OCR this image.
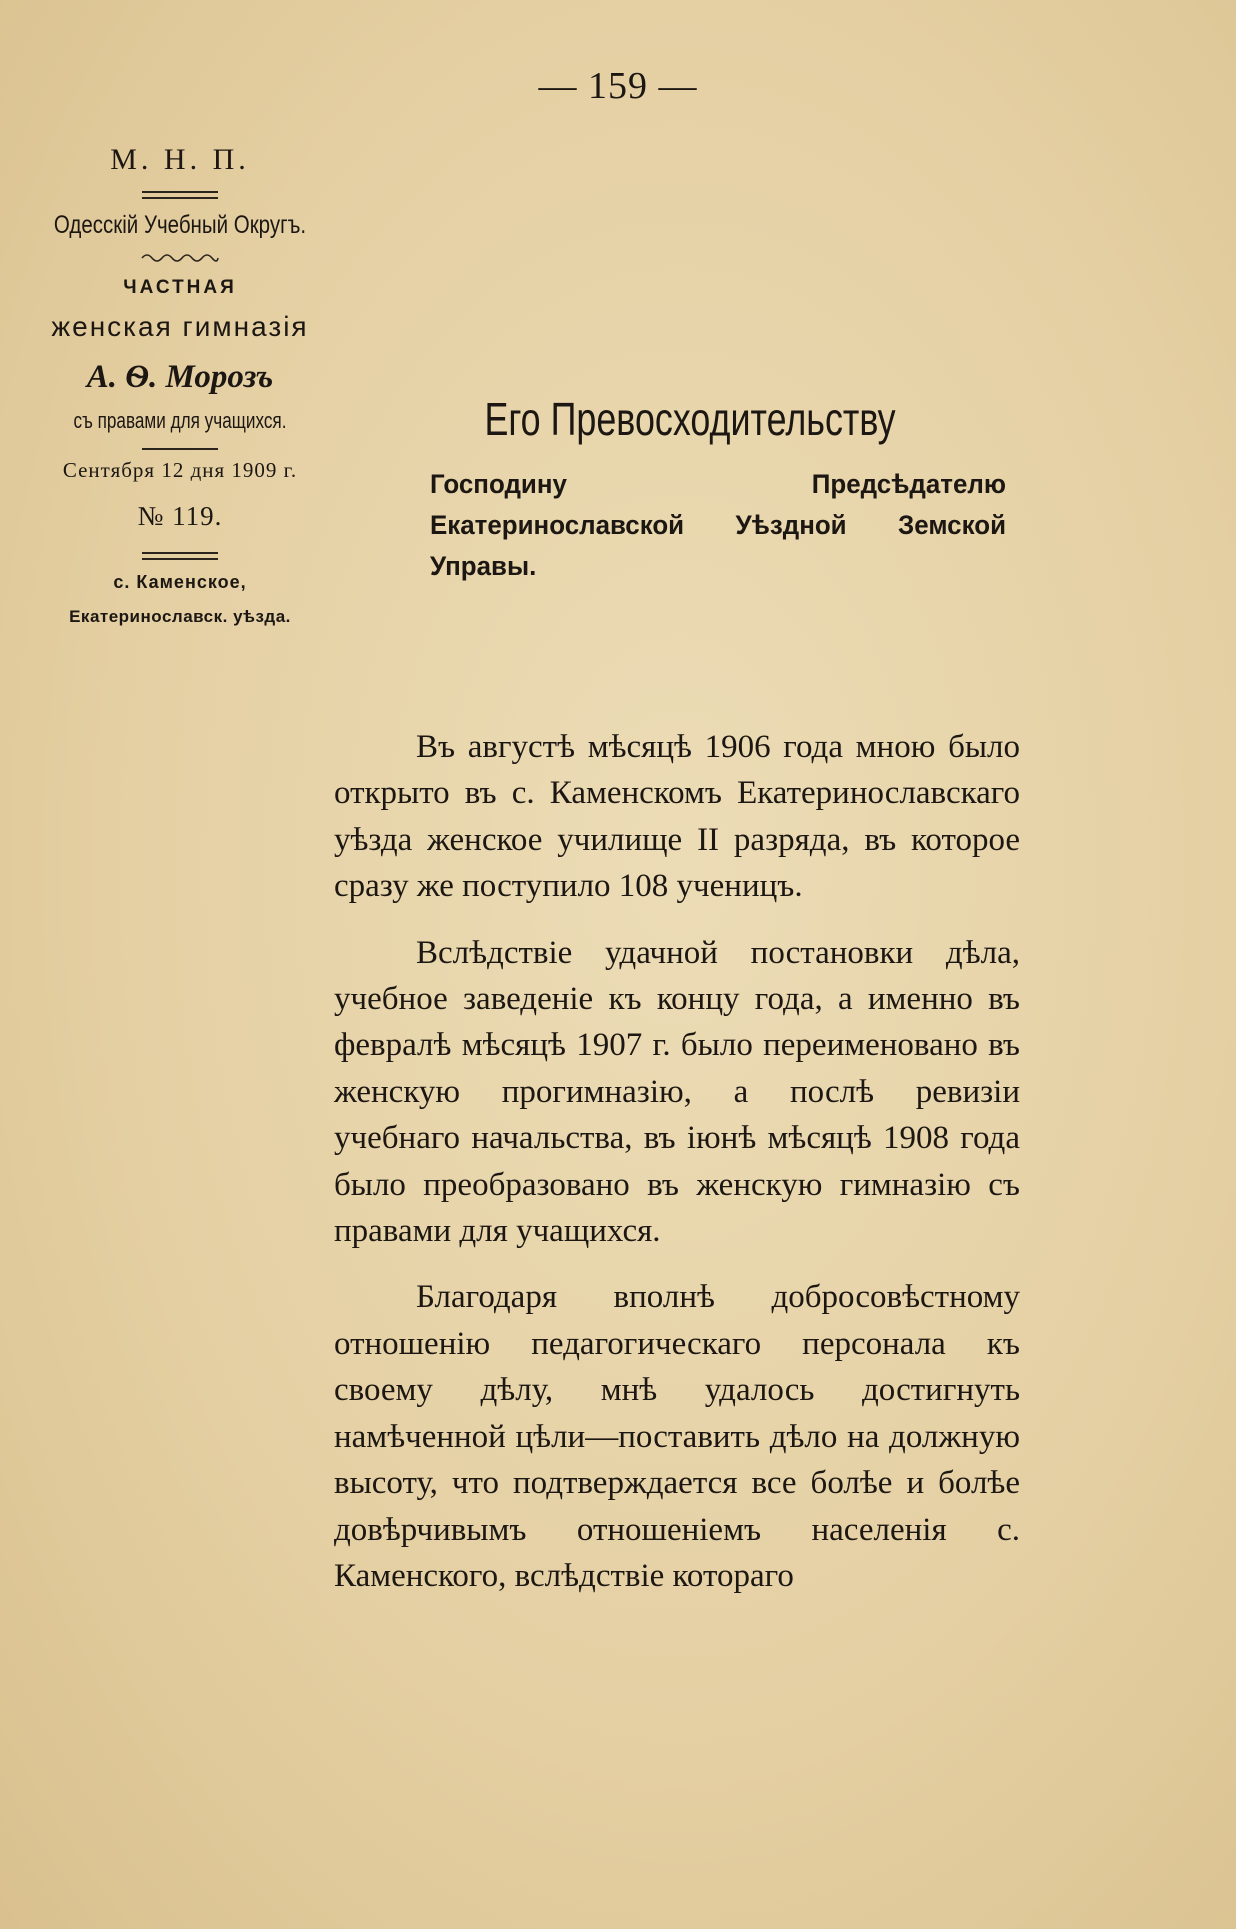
— 159 —
М. Н. П.
Одесскій Учебный Округъ.
ЧАСТНАЯ
женская гимназія
А. Ѳ. Морозъ
съ правами для учащихся.
Сентября 12 дня 1909 г.
№ 119.
с. Каменское,
Екатеринославск. уѣзда.
Его Превосходительству
Господину Предсѣдателю Екатеринославской Уѣздной Земской Управы.

Въ августѣ мѣсяцѣ 1906 года мною было открыто въ с. Каменскомъ Екатеринославскаго уѣзда женское училище II разряда, въ которое сразу же поступило 108 ученицъ.

Вслѣдствіе удачной постановки дѣла, учебное заведеніе къ концу года, а именно въ февралѣ мѣсяцѣ 1907 г. было переименовано въ женскую прогимназію, а послѣ ревизіи учебнаго начальства, въ іюнѣ мѣсяцѣ 1908 года было преобразовано въ женскую гимназію съ правами для учащихся.

Благодаря вполнѣ добросовѣстному отношенію педагогическаго персонала къ своему дѣлу, мнѣ удалось достигнуть намѣченной цѣли—поставить дѣло на должную высоту, что подтверждается все болѣе и болѣе довѣрчивымъ отношеніемъ населенія с. Каменского, вслѣдствіе котораго
